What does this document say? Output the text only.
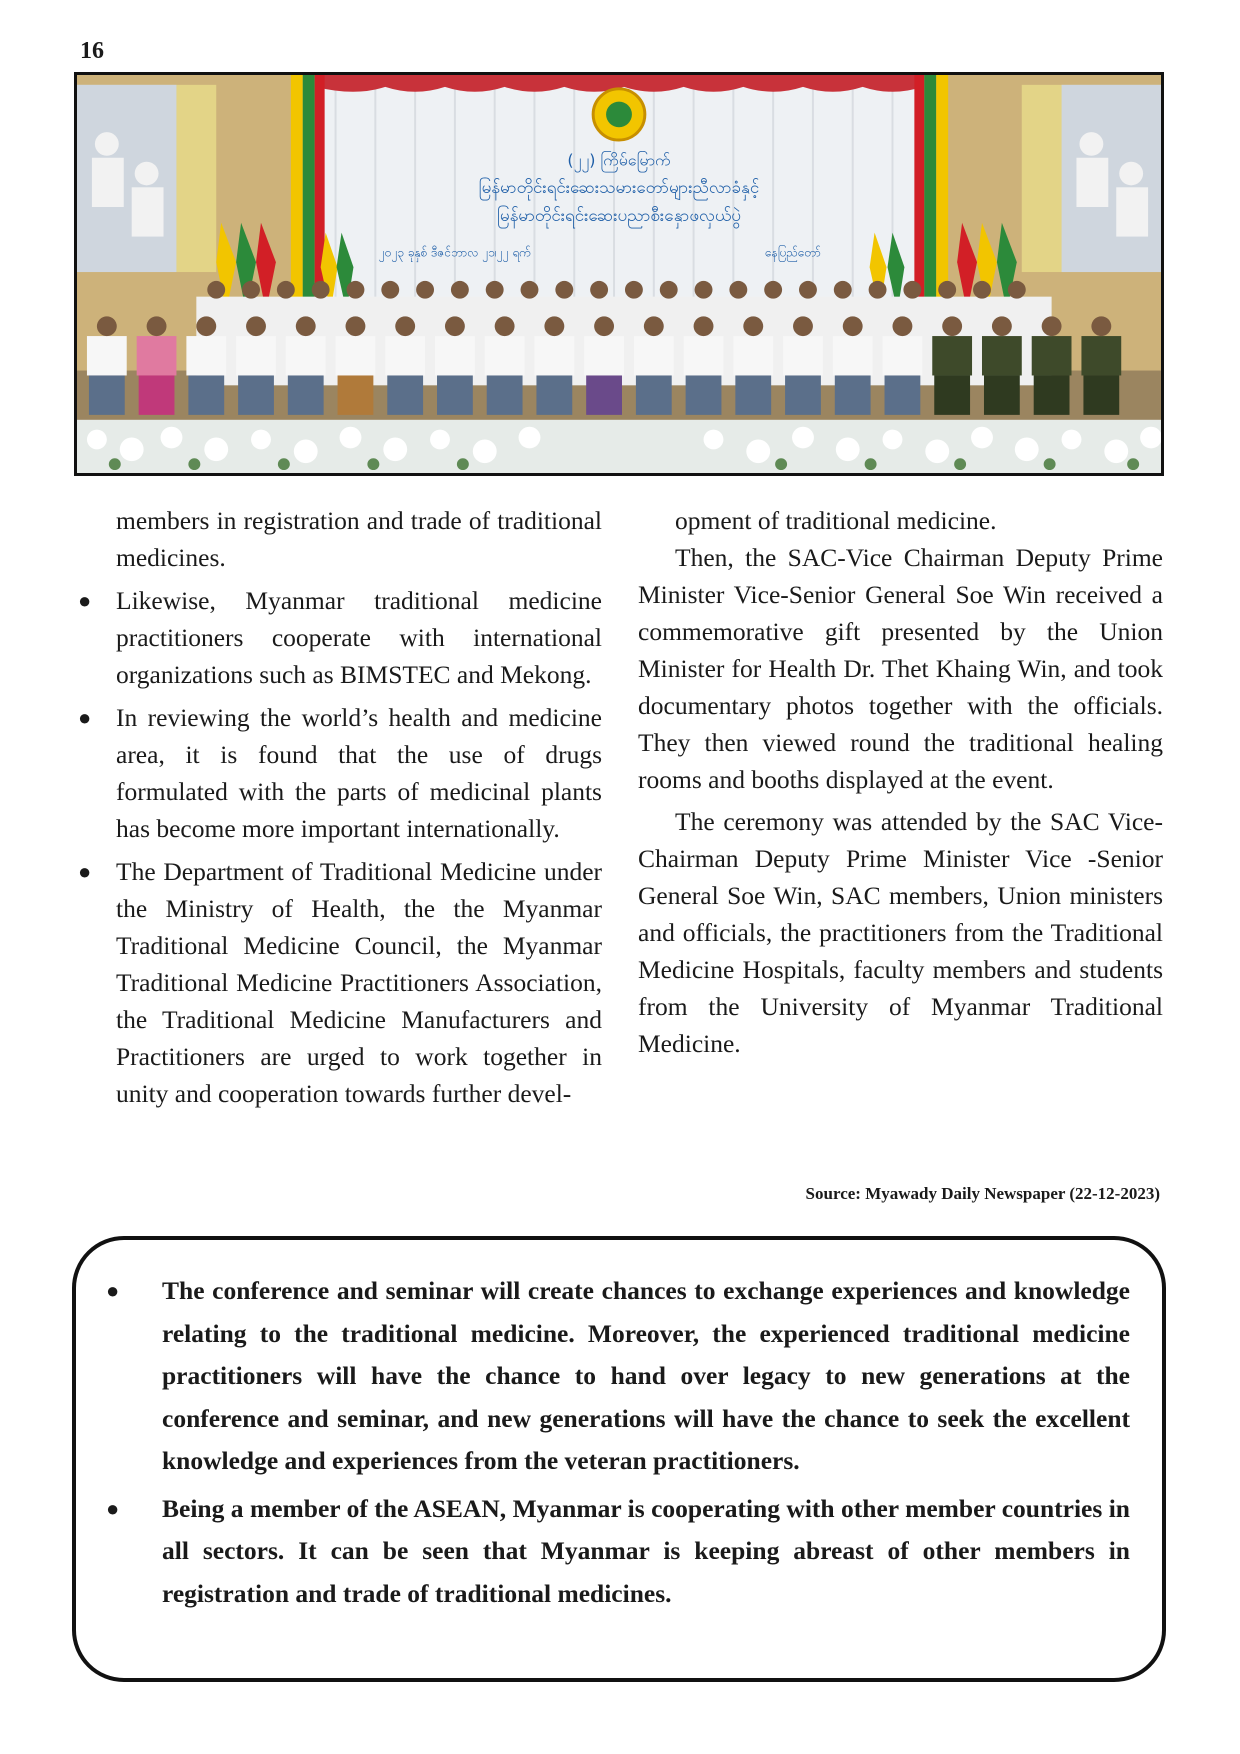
16
(၂၂) ကြိမ်မြောက်
မြန်မာတိုင်းရင်းဆေးသမားတော်များညီလာခံနှင့်
မြန်မာတိုင်းရင်းဆေးပညာစီးနှောဖလှယ်ပွဲ
၂၀၂၃ ခုနှစ် ဒီဇင်ဘာလ ၂၁၊၂၂ ရက်	နေပြည်တော်

members in registration and trade of traditional medicines.

● Likewise, Myanmar traditional medicine practitioners cooperate with international organizations such as BIMSTEC and Mekong.
● In reviewing the world’s health and medicine area, it is found that the use of drugs formulated with the parts of medicinal plants has become more important internationally.
● The Department of Traditional Medicine under the Ministry of Health, the the Myanmar Traditional Medicine Council, the Myanmar Traditional Medicine Practitioners Association, the Traditional Medicine Manufacturers and Practitioners are urged to work together in unity and cooperation towards further devel-

opment of traditional medicine.

Then, the SAC-Vice Chairman Deputy Prime Minister Vice-Senior General Soe Win received a commemorative gift presented by the Union Minister for Health Dr. Thet Khaing Win, and took documentary photos together with the officials. They then viewed round the traditional healing rooms and booths displayed at the event.

The ceremony was attended by the SAC Vice-Chairman Deputy Prime Minister Vice -Senior General Soe Win, SAC members, Union ministers and officials, the practitioners from the Traditional Medicine Hospitals, faculty members and students from the University of Myanmar Traditional Medicine.

Source: Myawady Daily Newspaper (22-12-2023)
● The conference and seminar will create chances to exchange experiences and knowledge relating to the traditional medicine. Moreover, the experienced traditional medicine practitioners will have the chance to hand over legacy to new generations at the conference and seminar, and new generations will have the chance to seek the excellent knowledge and experiences from the veteran practitioners.
● Being a member of the ASEAN, Myanmar is cooperating with other member countries in all sectors. It can be seen that Myanmar is keeping abreast of other members in registration and trade of traditional medicines.
